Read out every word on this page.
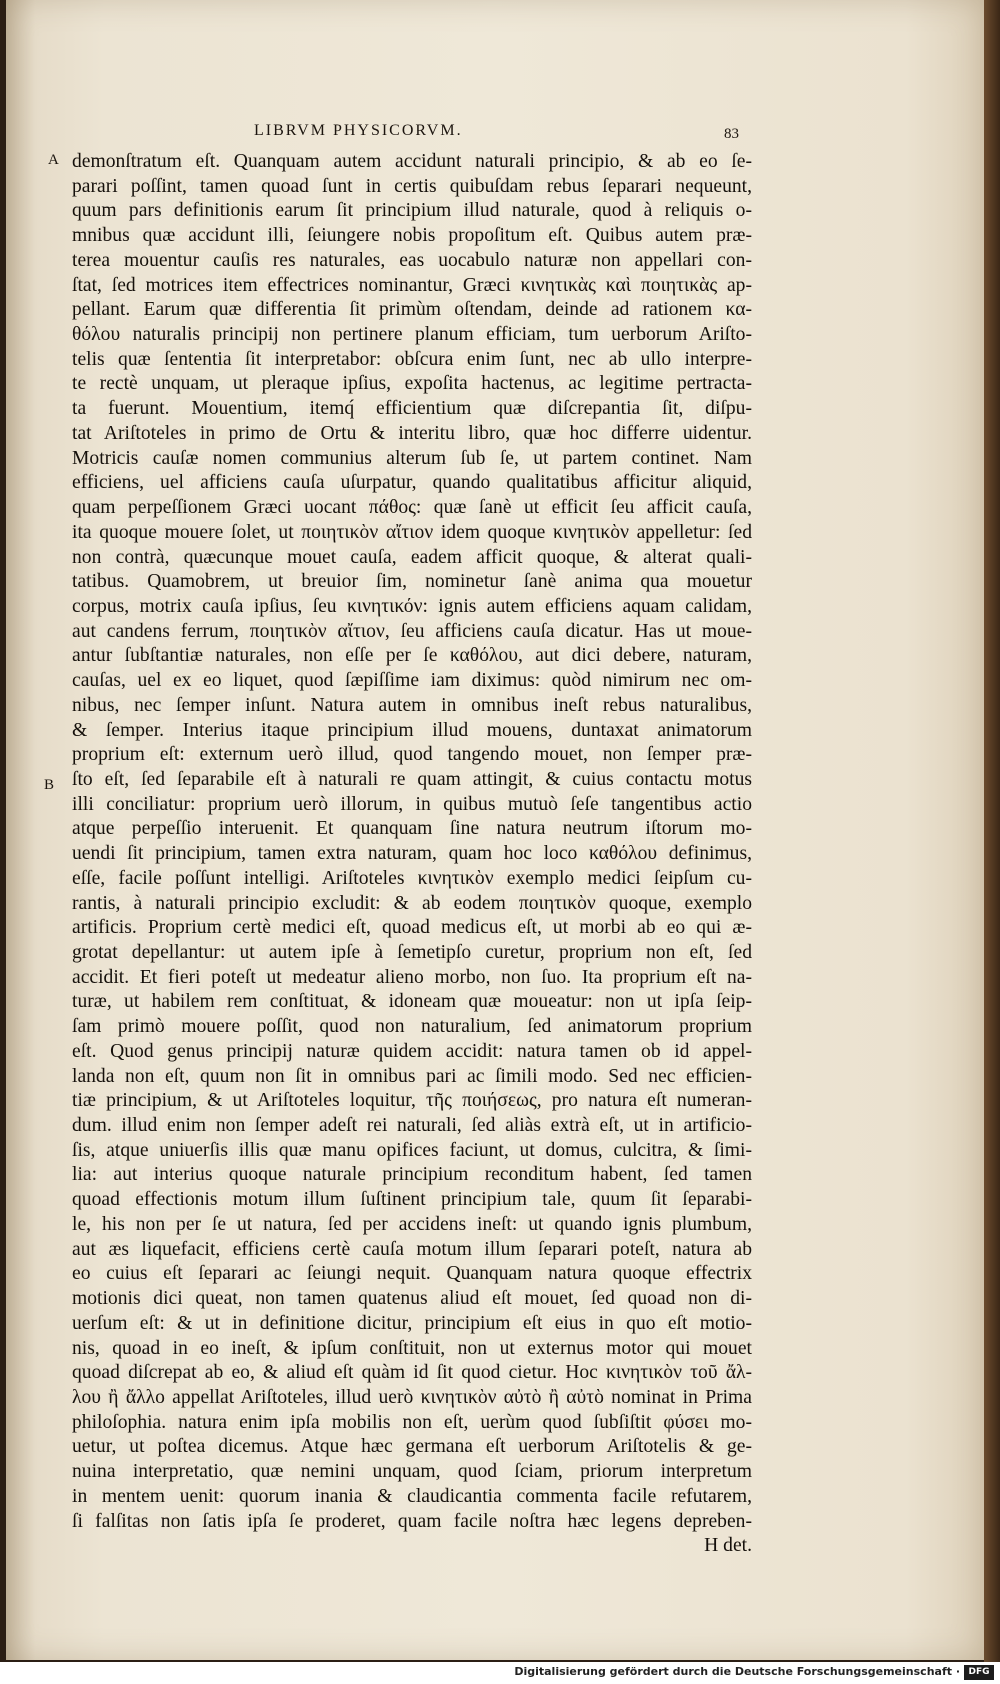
LIBRVM PHYSICORVM.	83
A
B
demonſtratum eſt. Quanquam autem accidunt naturali principio, & ab eo ſe-
parari poſſint, tamen quoad ſunt in certis quibuſdam rebus ſeparari nequeunt,
quum pars definitionis earum ſit principium illud naturale, quod à reliquis o-
mnibus quæ accidunt illi, ſeiungere nobis propoſitum eſt. Quibus autem præ-
terea mouentur cauſis res naturales, eas uocabulo naturæ non appellari con-
ſtat, ſed motrices item effectrices nominantur, Græci κινητικὰς καὶ ποιητικὰς ap-
pellant. Earum quæ differentia ſit primùm oſtendam, deinde ad rationem κα-
θόλου naturalis principij non pertinere planum efficiam, tum uerborum Ariſto-
telis quæ ſententia ſit interpretabor: obſcura enim ſunt, nec ab ullo interpre-
te rectè unquam, ut pleraque ipſius, expoſita hactenus, ac legitime pertracta-
ta fuerunt. Mouentium, itemq́ efficientium quæ diſcrepantia ſit, diſpu-
tat Ariſtoteles in primo de Ortu & interitu libro, quæ hoc differre uidentur.
Motricis cauſæ nomen communius alterum ſub ſe, ut partem continet. Nam
efficiens, uel afficiens cauſa uſurpatur, quando qualitatibus afficitur aliquid,
quam perpeſſionem Græci uocant πάθος: quæ ſanè ut efficit ſeu afficit cauſa,
ita quoque mouere ſolet, ut ποιητικὸν αἴτιον idem quoque κινητικὸν appelletur: ſed
non contrà, quæcunque mouet cauſa, eadem afficit quoque, & alterat quali-
tatibus. Quamobrem, ut breuior ſim, nominetur ſanè anima qua mouetur
corpus, motrix cauſa ipſius, ſeu κινητικόν: ignis autem efficiens aquam calidam,
aut candens ferrum, ποιητικὸν αἴτιον, ſeu afficiens cauſa dicatur. Has ut moue-
antur ſubſtantiæ naturales, non eſſe per ſe καθόλου, aut dici debere, naturam,
cauſas, uel ex eo liquet, quod ſæpiſſime iam diximus: quòd nimirum nec om-
nibus, nec ſemper inſunt. Natura autem in omnibus ineſt rebus naturalibus,
& ſemper. Interius itaque principium illud mouens, duntaxat animatorum
proprium eſt: externum uerò illud, quod tangendo mouet, non ſemper præ-
ſto eſt, ſed ſeparabile eſt à naturali re quam attingit, & cuius contactu motus
illi conciliatur: proprium uerò illorum, in quibus mutuò ſeſe tangentibus actio
atque perpeſſio interuenit. Et quanquam ſine natura neutrum iſtorum mo-
uendi ſit principium, tamen extra naturam, quam hoc loco καθόλου definimus,
eſſe, facile poſſunt intelligi. Ariſtoteles κινητικὸν exemplo medici ſeipſum cu-
rantis, à naturali principio excludit: & ab eodem ποιητικὸν quoque, exemplo
artificis. Proprium certè medici eſt, quoad medicus eſt, ut morbi ab eo qui æ-
grotat depellantur: ut autem ipſe à ſemetipſo curetur, proprium non eſt, ſed
accidit. Et fieri poteſt ut medeatur alieno morbo, non ſuo. Ita proprium eſt na-
turæ, ut habilem rem conſtituat, & idoneam quæ moueatur: non ut ipſa ſeip-
ſam primò mouere poſſit, quod non naturalium, ſed animatorum proprium
eſt. Quod genus principij naturæ quidem accidit: natura tamen ob id appel-
landa non eſt, quum non ſit in omnibus pari ac ſimili modo. Sed nec efficien-
tiæ principium, & ut Ariſtoteles loquitur, τῆς ποιήσεως, pro natura eſt numeran-
dum. illud enim non ſemper adeſt rei naturali, ſed aliàs extrà eſt, ut in artificio-
ſis, atque uniuerſis illis quæ manu opifices faciunt, ut domus, culcitra, & ſimi-
lia: aut interius quoque naturale principium reconditum habent, ſed tamen
quoad effectionis motum illum ſuſtinent principium tale, quum ſit ſeparabi-
le, his non per ſe ut natura, ſed per accidens ineſt: ut quando ignis plumbum,
aut æs liquefacit, efficiens certè cauſa motum illum ſeparari poteſt, natura ab
eo cuius eſt ſeparari ac ſeiungi nequit. Quanquam natura quoque effectrix
motionis dici queat, non tamen quatenus aliud eſt mouet, ſed quoad non di-
uerſum eſt: & ut in definitione dicitur, principium eſt eius in quo eſt motio-
nis, quoad in eo ineſt, & ipſum conſtituit, non ut externus motor qui mouet
quoad diſcrepat ab eo, & aliud eſt quàm id ſit quod cietur. Hoc κινητικὸν τοῦ ἄλ-
λου ἢ ἄλλο appellat Ariſtoteles, illud uerò κινητικὸν αὐτὸ ἢ αὐτὸ nominat in Prima
philoſophia. natura enim ipſa mobilis non eſt, uerùm quod ſubſiſtit φύσει mo-
uetur, ut poſtea dicemus. Atque hæc germana eſt uerborum Ariſtotelis & ge-
nuina interpretatio, quæ nemini unquam, quod ſciam, priorum interpretum
in mentem uenit: quorum inania & claudicantia commenta facile refutarem,
ſi falſitas non ſatis ipſa ſe proderet, quam facile noſtra hæc legens depreben-
H det.
Digitalisierung gefördert durch die Deutsche Forschungsgemeinschaft · DFG
